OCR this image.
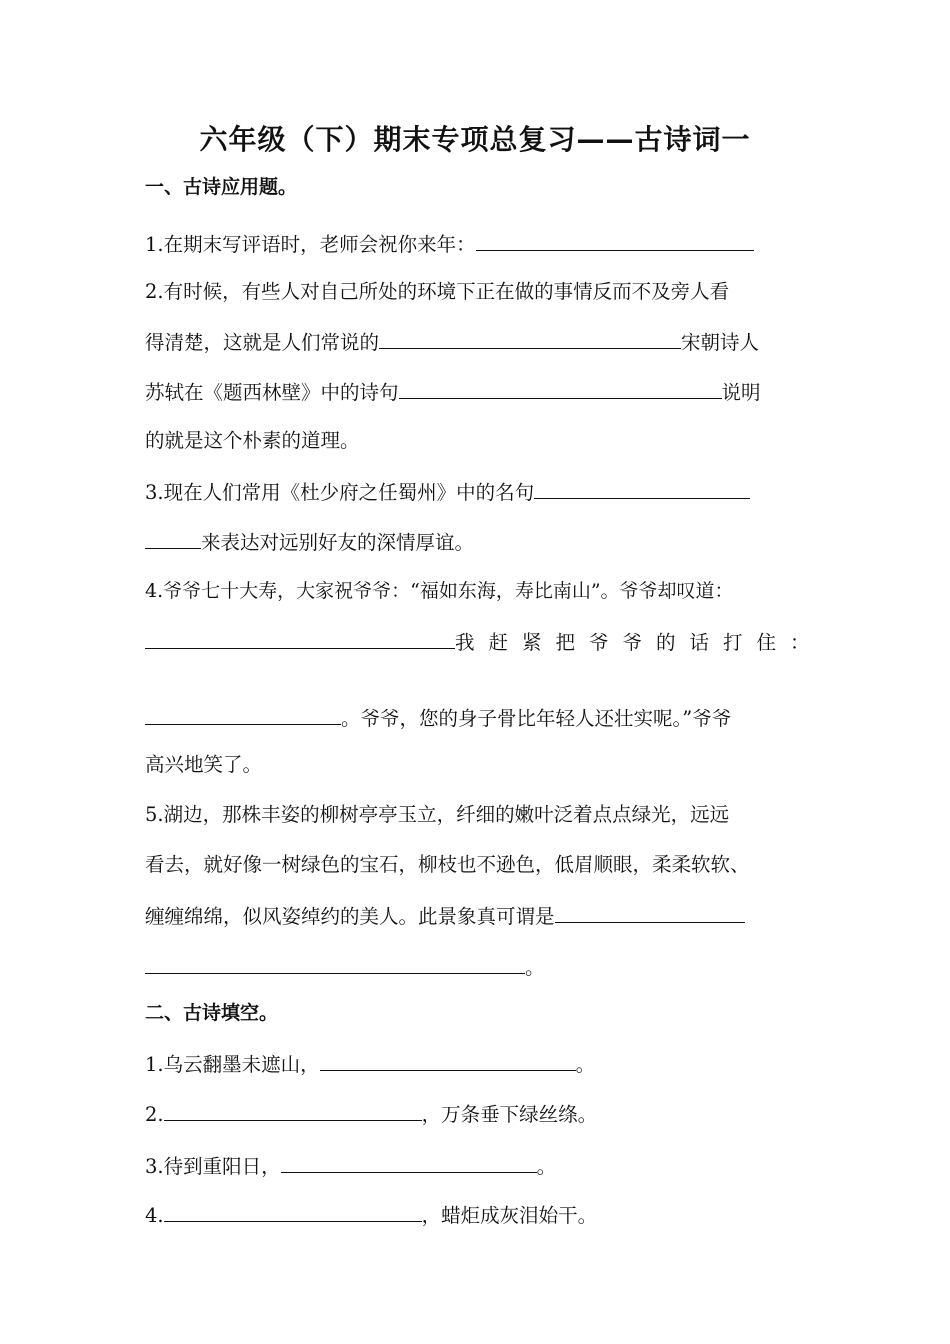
六年级（下）期末专项总复习——古诗词一
一、古诗应用题。
1.在期末写评语时，老师会祝你来年：
2.有时候，有些人对自己所处的环境下正在做的事情反而不及旁人看
得清楚，这就是人们常说的	宋朝诗人
苏轼在《题西林壁》中的诗句	说明
的就是这个朴素的道理。
3.现在人们常用《杜少府之任蜀州》中的名句
来表达对远别好友的深情厚谊。
4.爷爷七十大寿，大家祝爷爷：“福如东海，寿比南山”。爷爷却叹道：
我赶紧把爷爷的话打住：
。爷爷，您的身子骨比年轻人还壮实呢。”爷爷
高兴地笑了。
5.湖边，那株丰姿的柳树亭亭玉立，纤细的嫩叶泛着点点绿光，远远
看去，就好像一树绿色的宝石，柳枝也不逊色，低眉顺眼，柔柔软软、
缠缠绵绵，似风姿绰约的美人。此景象真可谓是
。
二、古诗填空。
1.乌云翻墨未遮山，	。
2.	，万条垂下绿丝绦。
3.待到重阳日，	。
4.	，蜡炬成灰泪始干。
